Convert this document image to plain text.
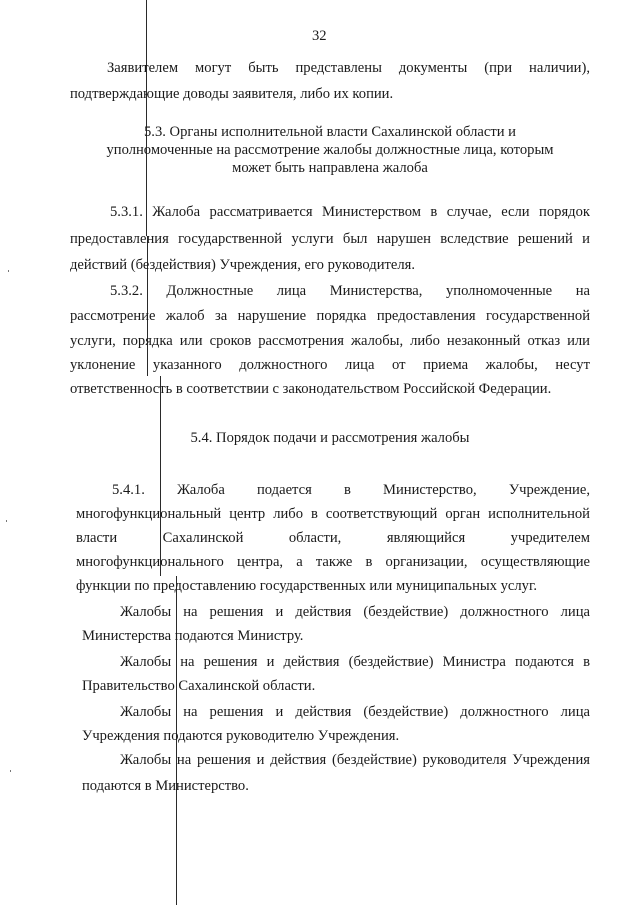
32
Заявителем могут быть представлены документы (при наличии),
подтверждающие доводы заявителя, либо их копии.
5.3. Органы исполнительной власти Сахалинской области и
уполномоченные на рассмотрение жалобы должностные лица, которым
может быть направлена жалоба
5.3.1. Жалоба рассматривается Министерством в случае, если порядок
предоставления государственной услуги был нарушен вследствие решений и
действий (бездействия) Учреждения, его руководителя.
5.3.2. Должностные лица Министерства, уполномоченные на
рассмотрение жалоб за нарушение порядка предоставления государственной
услуги, порядка или сроков рассмотрения жалобы, либо незаконный отказ или
уклонение указанного должностного лица от приема жалобы, несут
ответственность в соответствии с законодательством Российской Федерации.
5.4. Порядок подачи и рассмотрения жалобы
5.4.1. Жалоба подается в Министерство, Учреждение,
многофункциональный центр либо в соответствующий орган исполнительной
власти Сахалинской области, являющийся учредителем
многофункционального центра, а также в организации, осуществляющие
функции по предоставлению государственных или муниципальных услуг.
Жалобы на решения и действия (бездействие) должностного лица
Министерства подаются Министру.
Жалобы на решения и действия (бездействие) Министра подаются в
Правительство Сахалинской области.
Жалобы на решения и действия (бездействие) должностного лица
Учреждения подаются руководителю Учреждения.
Жалобы на решения и действия (бездействие) руководителя Учреждения
подаются в Министерство.
